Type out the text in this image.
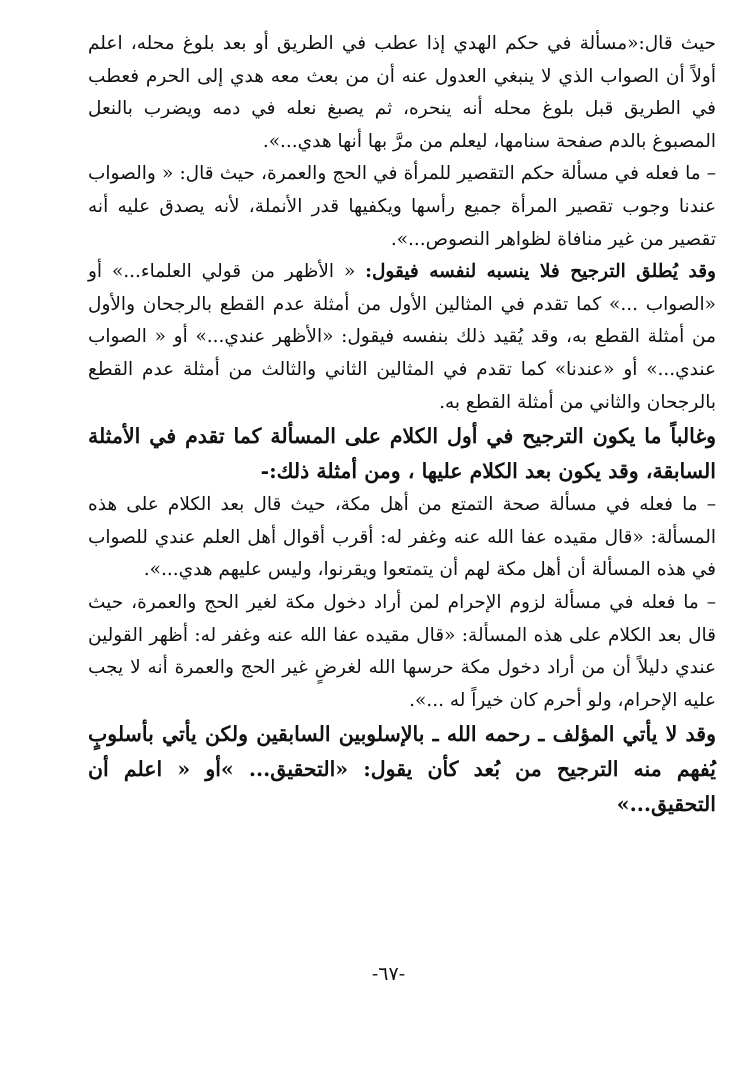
حيث قال:«مسألة في حكم الهدي إذا عطب في الطريق أو بعد بلوغ محله، اعلم أولاً أن الصواب الذي لا ينبغي العدول عنه أن من بعث معه هدي إلى الحرم فعطب في الطريق قبل بلوغ محله أنه ينحره، ثم يصبغ نعله في دمه ويضرب بالنعل المصبوغ بالدم صفحة سنامها، ليعلم من مرَّ بها أنها هدي...».

– ما فعله في مسألة حكم التقصير للمرأة في الحج والعمرة، حيث قال: « والصواب عندنا وجوب تقصير المرأة جميع رأسها ويكفيها قدر الأنملة، لأنه يصدق عليه أنه تقصير من غير منافاة لظواهر النصوص...».

وقد يُطلق الترجيح فلا ينسبه لنفسه فيقول: « الأظهر من قولي العلماء...» أو «الصواب ...» كما تقدم في المثالين الأول من أمثلة عدم القطع بالرجحان والأول من أمثلة القطع به، وقد يُقيد ذلك بنفسه فيقول: «الأظهر عندي...» أو « الصواب عندي...» أو «عندنا» كما تقدم في المثالين الثاني والثالث من أمثلة عدم القطع بالرجحان والثاني من أمثلة القطع به.

وغالباً ما يكون الترجيح في أول الكلام على المسألة كما تقدم في الأمثلة السابقة، وقد يكون بعد الكلام عليها ، ومن أمثلة ذلك:-

– ما فعله في مسألة صحة التمتع من أهل مكة، حيث قال بعد الكلام على هذه المسألة: «قال مقيده عفا الله عنه وغفر له: أقرب أقوال أهل العلم عندي للصواب في هذه المسألة أن أهل مكة لهم أن يتمتعوا ويقرنوا، وليس عليهم هدي...».

– ما فعله في مسألة لزوم الإحرام لمن أراد دخول مكة لغير الحج والعمرة، حيث قال بعد الكلام على هذه المسألة: «قال مقيده عفا الله عنه وغفر له: أظهر القولين عندي دليلاً أن من أراد دخول مكة حرسها الله لغرضٍ غير الحج والعمرة أنه لا يجب عليه الإحرام، ولو أحرم كان خيراً له ...».

وقد لا يأتي المؤلف ـ رحمه الله ـ بالإسلوبين السابقين ولكن يأتي بأسلوبٍ يُفهم منه الترجيح من بُعد كأن يقول: «التحقيق... »أو « اعلم أن التحقيق...»

-٦٧-
